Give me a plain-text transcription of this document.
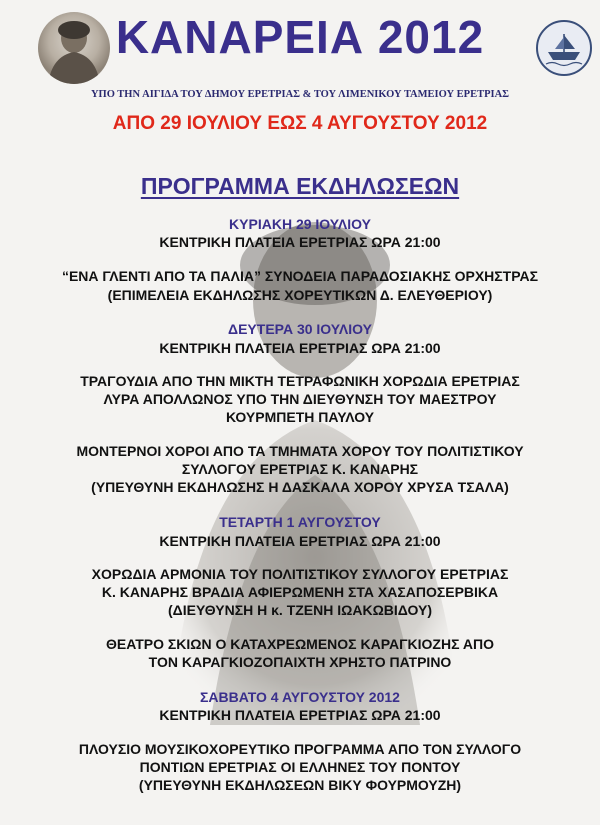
ΚΑΝΑΡΕΙΑ 2012
ΥΠΟ ΤΗΝ ΑΙΓΙΔΑ ΤΟΥ ΔΗΜΟΥ ΕΡΕΤΡΙΑΣ & ΤΟΥ ΛΙΜΕΝΙΚΟΥ ΤΑΜΕΙΟΥ ΕΡΕΤΡΙΑΣ
ΑΠΟ 29 ΙΟΥΛΙΟΥ ΕΩΣ 4 ΑΥΓΟΥΣΤΟΥ 2012
ΠΡΟΓΡΑΜΜΑ ΕΚΔΗΛΩΣΕΩΝ
ΚΥΡΙΑΚΗ 29 ΙΟΥΛΙΟΥ
ΚΕΝΤΡΙΚΗ ΠΛΑΤΕΙΑ ΕΡΕΤΡΙΑΣ ΩΡΑ 21:00
“ΕΝΑ ΓΛΕΝΤΙ ΑΠΟ ΤΑ ΠΑΛΙΑ” ΣΥΝΟΔΕΙΑ ΠΑΡΑΔΟΣΙΑΚΗΣ ΟΡΧΗΣΤΡΑΣ
(ΕΠΙΜΕΛΕΙΑ ΕΚΔΗΛΩΣΗΣ ΧΟΡΕΥΤΙΚΩΝ Δ. ΕΛΕΥΘΕΡΙΟΥ)
ΔΕΥΤΕΡΑ 30 ΙΟΥΛΙΟΥ
ΚΕΝΤΡΙΚΗ ΠΛΑΤΕΙΑ ΕΡΕΤΡΙΑΣ ΩΡΑ 21:00
ΤΡΑΓΟΥΔΙΑ ΑΠΟ ΤΗΝ ΜΙΚΤΗ ΤΕΤΡΑΦΩΝΙΚΗ ΧΟΡΩΔΙΑ ΕΡΕΤΡΙΑΣ
ΛΥΡΑ ΑΠΟΛΛΩΝΟΣ ΥΠΟ ΤΗΝ ΔΙΕΥΘΥΝΣΗ ΤΟΥ ΜΑΕΣΤΡΟΥ
ΚΟΥΡΜΠΕΤΗ ΠΑΥΛΟΥ
ΜΟΝΤΕΡΝΟΙ ΧΟΡΟΙ ΑΠΟ ΤΑ ΤΜΗΜΑΤΑ ΧΟΡΟΥ ΤΟΥ ΠΟΛΙΤΙΣΤΙΚΟΥ
ΣΥΛΛΟΓΟΥ ΕΡΕΤΡΙΑΣ Κ. ΚΑΝΑΡΗΣ
(ΥΠΕΥΘΥΝΗ ΕΚΔΗΛΩΣΗΣ Η ΔΑΣΚΑΛΑ ΧΟΡΟΥ ΧΡΥΣΑ ΤΣΑΛΑ)
ΤΕΤΑΡΤΗ 1 ΑΥΓΟΥΣΤΟΥ
ΚΕΝΤΡΙΚΗ ΠΛΑΤΕΙΑ ΕΡΕΤΡΙΑΣ ΩΡΑ 21:00
ΧΟΡΩΔΙΑ ΑΡΜΟΝΙΑ ΤΟΥ ΠΟΛΙΤΙΣΤΙΚΟΥ ΣΥΛΛΟΓΟΥ ΕΡΕΤΡΙΑΣ
Κ. ΚΑΝΑΡΗΣ ΒΡΑΔΙΑ ΑΦΙΕΡΩΜΕΝΗ ΣΤΑ ΧΑΣΑΠΟΣΕΡΒΙΚΑ
(ΔΙΕΥΘΥΝΣΗ Η κ. ΤΖΕΝΗ ΙΩΑΚΩΒΙΔΟΥ)
ΘΕΑΤΡΟ ΣΚΙΩΝ Ο ΚΑΤΑΧΡΕΩΜΕΝΟΣ ΚΑΡΑΓΚΙΟΖΗΣ ΑΠΟ
ΤΟΝ ΚΑΡΑΓΚΙΟΖΟΠΑΙΧΤΗ ΧΡΗΣΤΟ ΠΑΤΡΙΝΟ
ΣΑΒΒΑΤΟ 4 ΑΥΓΟΥΣΤΟΥ 2012
ΚΕΝΤΡΙΚΗ ΠΛΑΤΕΙΑ ΕΡΕΤΡΙΑΣ ΩΡΑ 21:00
ΠΛΟΥΣΙΟ ΜΟΥΣΙΚΟΧΟΡΕΥΤΙΚΟ ΠΡΟΓΡΑΜΜΑ ΑΠΟ ΤΟΝ ΣΥΛΛΟΓΟ
ΠΟΝΤΙΩΝ ΕΡΕΤΡΙΑΣ ΟΙ ΕΛΛΗΝΕΣ ΤΟΥ ΠΟΝΤΟΥ
(ΥΠΕΥΘΥΝΗ ΕΚΔΗΛΩΣΕΩΝ ΒΙΚΥ ΦΟΥΡΜΟΥΖΗ)
